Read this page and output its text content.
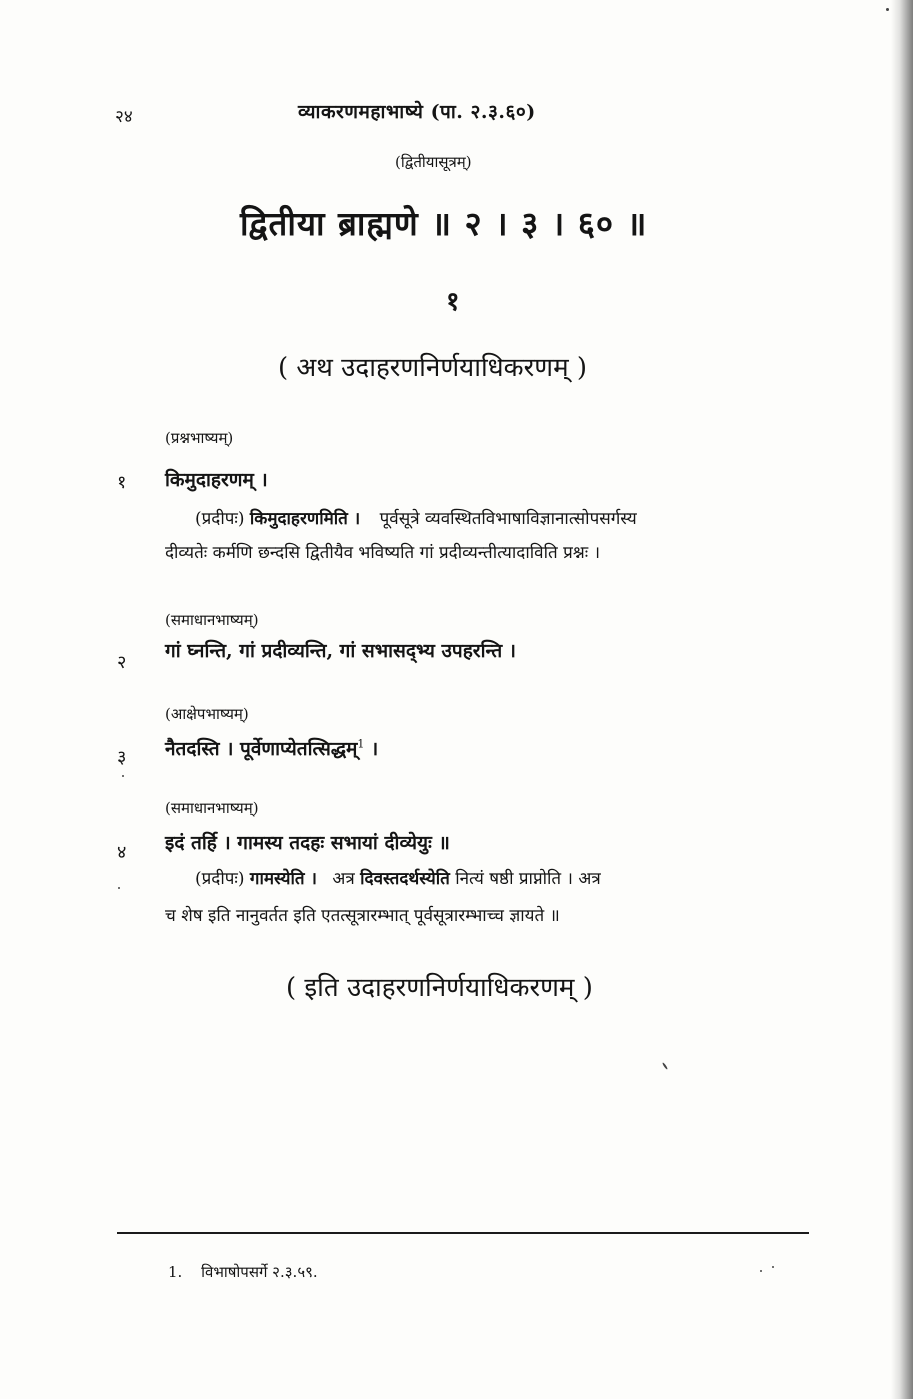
२४	व्याकरणमहाभाष्ये (पा. २.३.६०)
(द्वितीयासूत्रम्)
द्वितीया ब्राह्मणे ॥ २ । ३ । ६० ॥
१
( अथ उदाहरणनिर्णयाधिकरणम् )
(प्रश्नभाष्यम्)
१ किमुदाहरणम् ।
(प्रदीपः) किमुदाहरणमिति । पूर्वसूत्रे व्यवस्थितविभाषाविज्ञानात्सोपसर्गस्य
दीव्यतेः कर्मणि छन्दसि द्वितीयैव भविष्यति गां प्रदीव्यन्तीत्यादाविति प्रश्नः ।
(समाधानभाष्यम्)
२
गां घ्नन्ति, गां प्रदीव्यन्ति, गां सभासद्भ्य उपहरन्ति ।
(आक्षेपभाष्यम्)
३ नैतदस्ति । पूर्वेणाप्येतत्सिद्धम्$^1$ ।
(समाधानभाष्यम्)
४ इदं तर्हि । गामस्य तदहः सभायां दीव्येयुः ॥
(प्रदीपः) गामस्येति । अत्र दिवस्तदर्थस्येति नित्यं षष्ठी प्राप्नोति । अत्र
च शेष इति नानुवर्तत इति एतत्सूत्रारम्भात् पूर्वसूत्रारम्भाच्च ज्ञायते ॥
( इति उदाहरणनिर्णयाधिकरणम् )
1. विभाषोपसर्गे २.३.५९.
